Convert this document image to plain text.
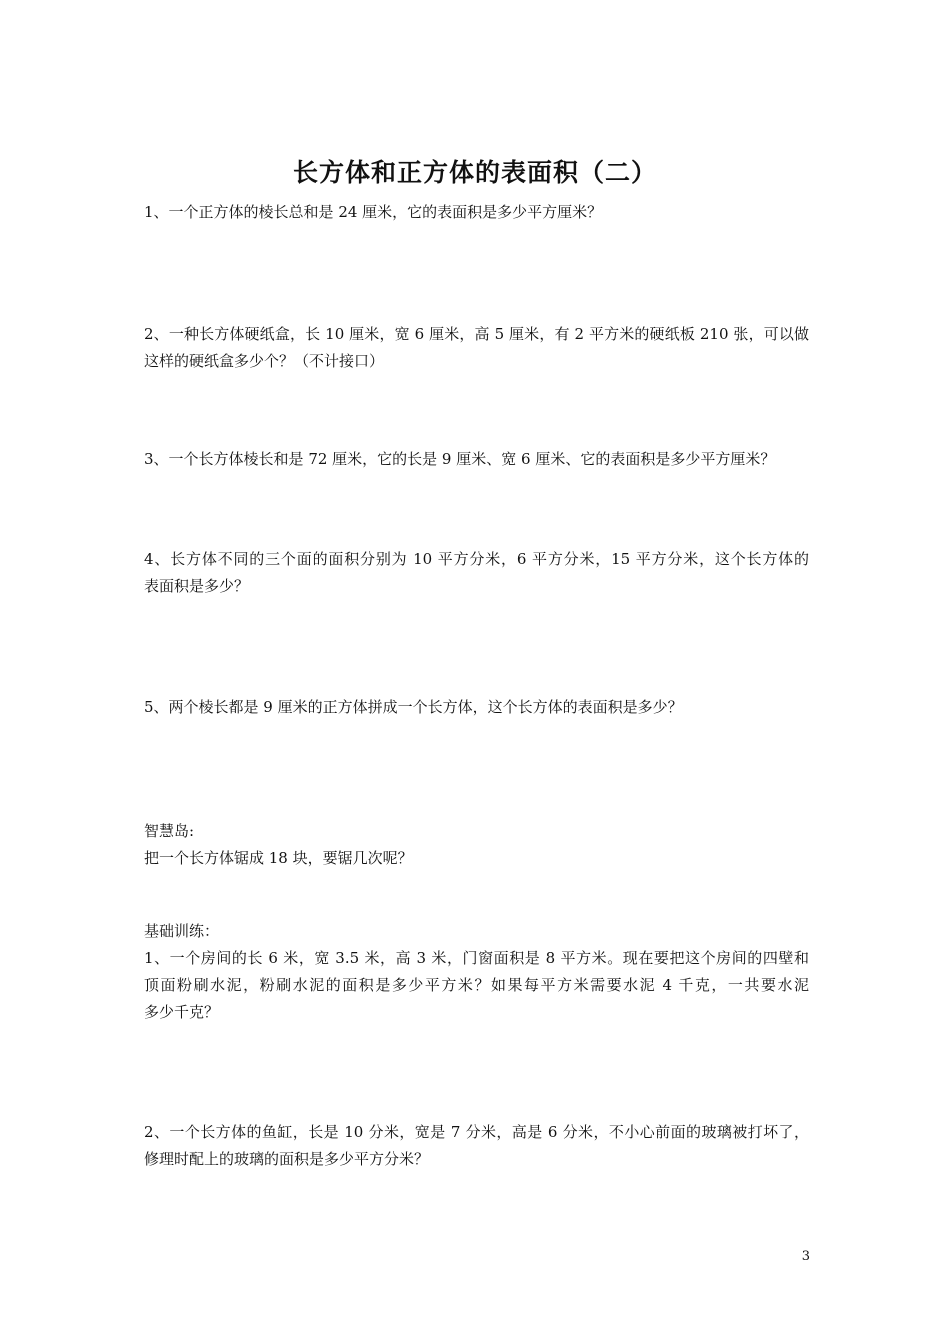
长方体和正方体的表面积（二）
1、一个正方体的棱长总和是 24 厘米，它的表面积是多少平方厘米？
2、一种长方体硬纸盒，长 10 厘米，宽 6 厘米，高 5 厘米，有 2 平方米的硬纸板 210 张，可以做
这样的硬纸盒多少个？（不计接口）
3、一个长方体棱长和是 72 厘米，它的长是 9 厘米、宽 6 厘米、它的表面积是多少平方厘米？
4、长方体不同的三个面的面积分别为 10 平方分米，6 平方分米，15 平方分米，这个长方体的
表面积是多少？
5、两个棱长都是 9 厘米的正方体拼成一个长方体，这个长方体的表面积是多少？
智慧岛:
把一个长方体锯成 18 块，要锯几次呢？
基础训练：
1、一个房间的长 6 米，宽 3.5 米，高 3 米，门窗面积是 8 平方米。现在要把这个房间的四壁和
顶面粉刷水泥，粉刷水泥的面积是多少平方米？如果每平方米需要水泥 4 千克，一共要水泥
多少千克？
2、一个长方体的鱼缸，长是 10 分米，宽是 7 分米，高是 6 分米，不小心前面的玻璃被打坏了，
修理时配上的玻璃的面积是多少平方分米？
3
